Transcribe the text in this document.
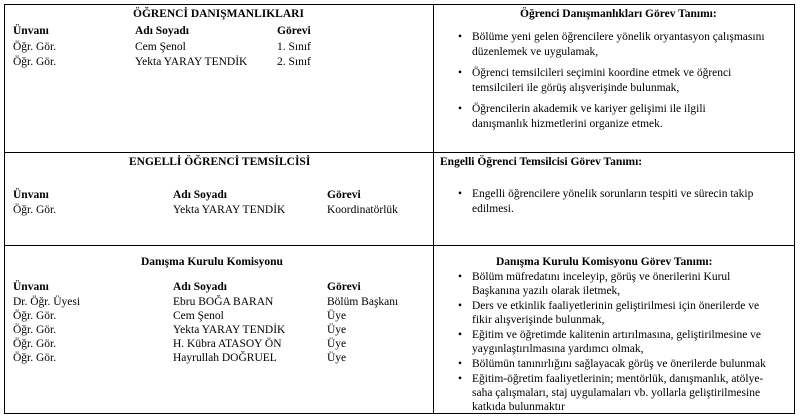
ÖĞRENCİ DANIŞMANLIKLARI
Ünvanı	Adı Soyadı	Görevi
Öğr. Gör.	Cem Şenol	1. Sınıf
Öğr. Gör.	Yekta YARAY TENDİK	2. Sınıf
Öğrenci Danışmanlıkları Görev Tanımı:
• Bölüme yeni gelen öğrencilere yönelik oryantasyon çalışmasını
düzenlemek ve uygulamak,
• Öğrenci temsilcileri seçimini koordine etmek ve öğrenci
temsilcileri ile görüş alışverişinde bulunmak,
• Öğrencilerin akademik ve kariyer gelişimi ile ilgili
danışmanlık hizmetlerini organize etmek.
ENGELLİ ÖĞRENCİ TEMSİLCİSİ
Ünvanı	Adı Soyadı	Görevi
Öğr. Gör.	Yekta YARAY TENDİK	Koordinatörlük
Engelli Öğrenci Temsilcisi Görev Tanımı:
• Engelli öğrencilere yönelik sorunların tespiti ve sürecin takip
edilmesi.
Danışma Kurulu Komisyonu
Ünvanı	Adı Soyadı	Görevi
Dr. Öğr. Üyesi	Ebru BOĞA BARAN	Bölüm Başkanı
Öğr. Gör.	Cem Şenol	Üye
Öğr. Gör.	Yekta YARAY TENDİK	Üye
Öğr. Gör.	H. Kübra ATASOY ÖN	Üye
Öğr. Gör.	Hayrullah DOĞRUEL	Üye
Danışma Kurulu Komisyonu Görev Tanımı:
• Bölüm müfredatını inceleyip, görüş ve önerilerini Kurul
Başkanına yazılı olarak iletmek,
• Ders ve etkinlik faaliyetlerinin geliştirilmesi için önerilerde ve
fikir alışverişinde bulunmak,
• Eğitim ve öğretimde kalitenin artırılmasına, geliştirilmesine ve
yaygınlaştırılmasına yardımcı olmak,
• Bölümün tanınırlığını sağlayacak görüş ve önerilerde bulunmak
• Eğitim-öğretim faaliyetlerinin; mentörlük, danışmanlık, atölye-
saha çalışmaları, staj uygulamaları vb. yollarla geliştirilmesine
katkıda bulunmaktır
